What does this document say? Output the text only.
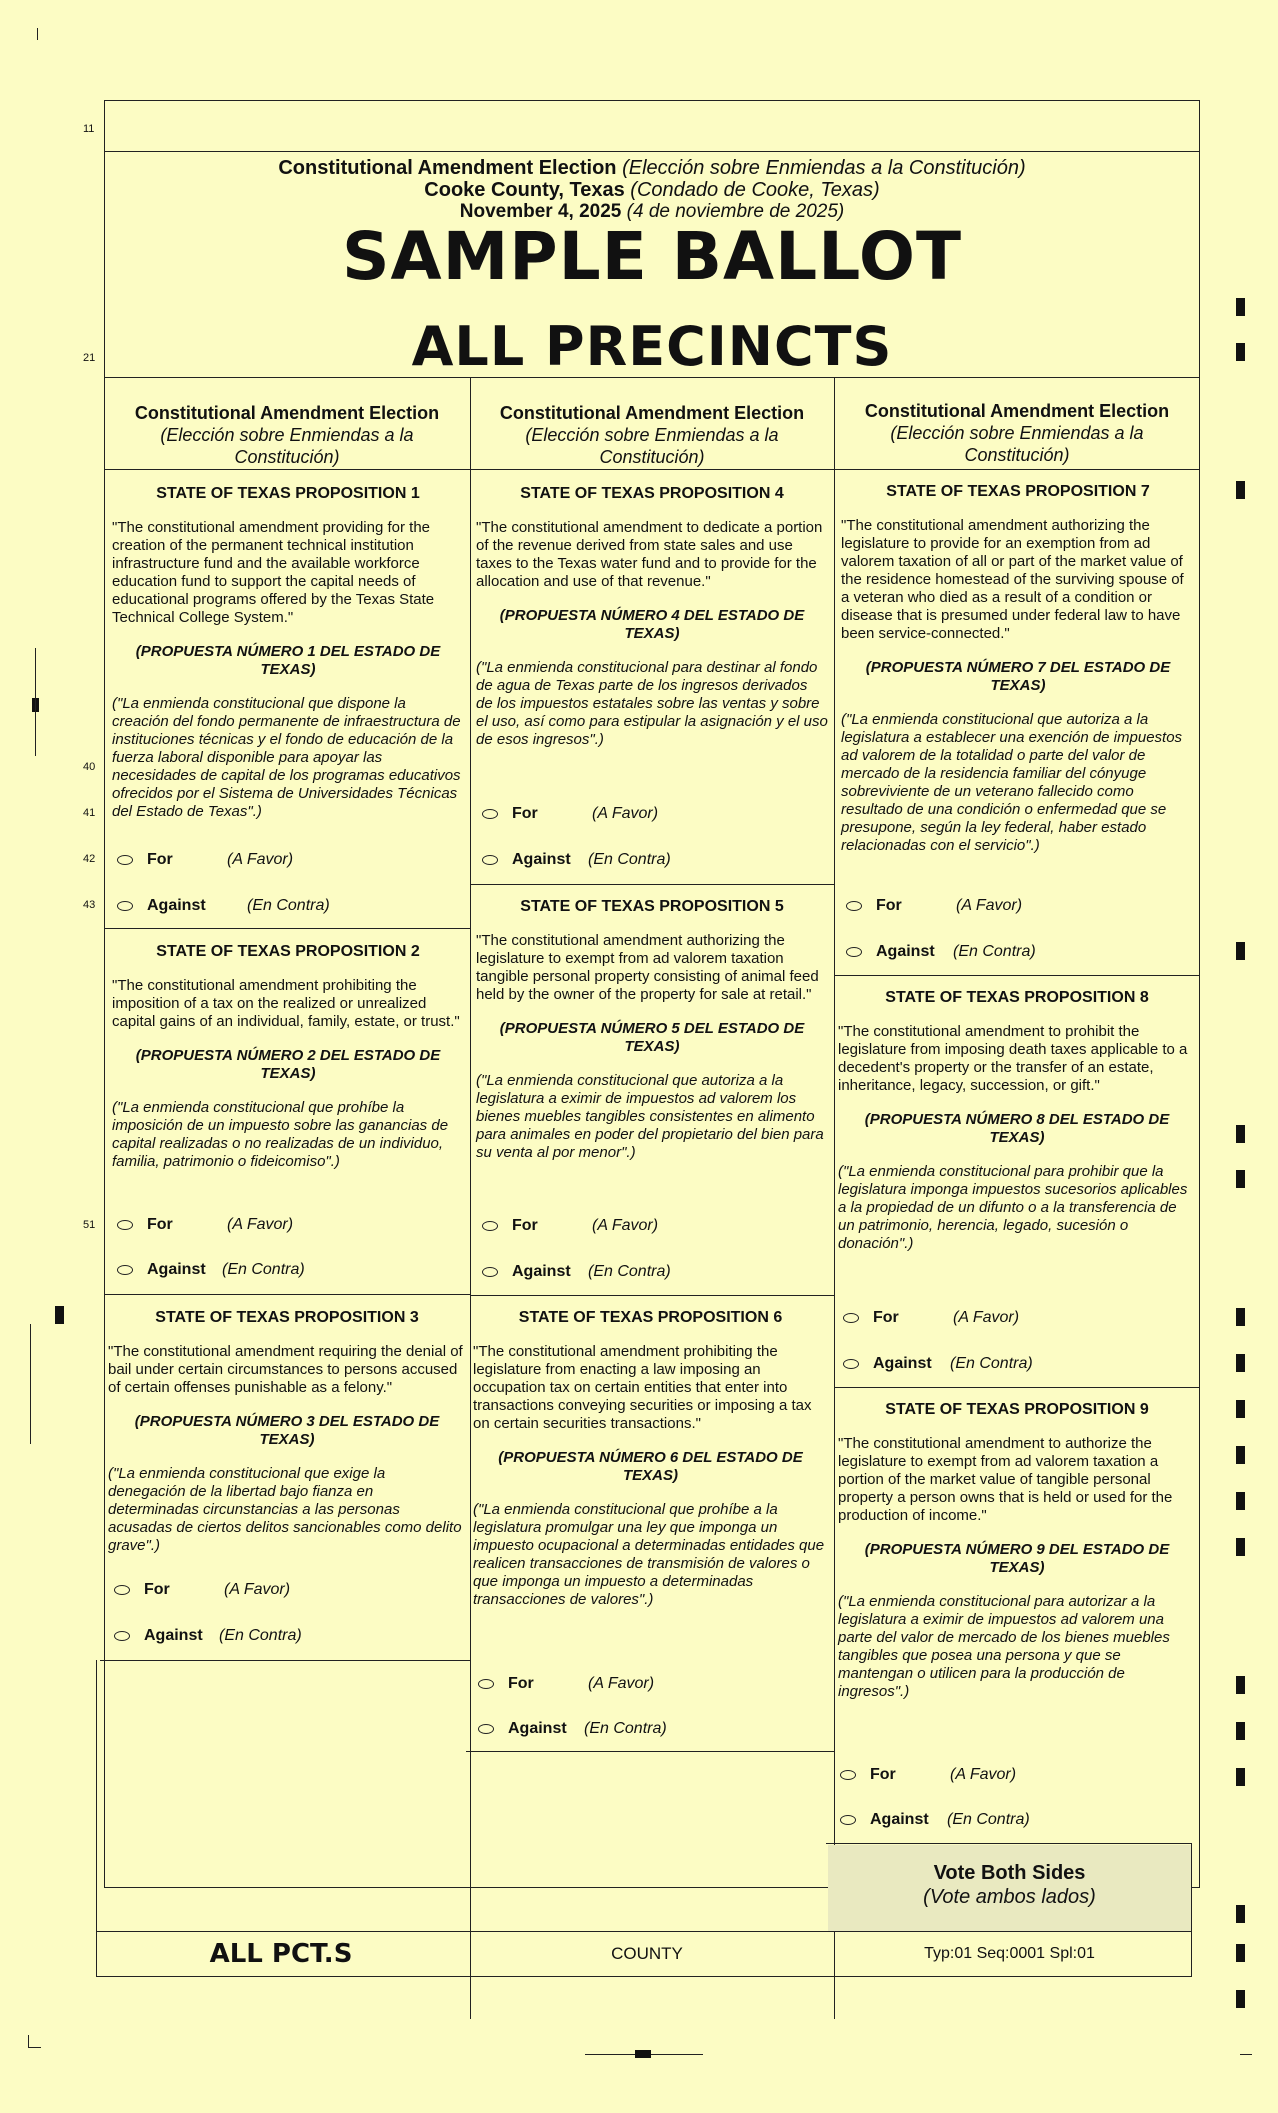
11
21
40
41
42
43
51
Constitutional Amendment Election (Elección sobre Enmiendas a la Constitución)
Cooke County, Texas (Condado de Cooke, Texas)
November 4, 2025 (4 de noviembre de 2025)
SAMPLE BALLOT
ALL PRECINCTS
Constitutional Amendment Election
(Elección sobre Enmiendas a la Constitución)
Constitutional Amendment Election
(Elección sobre Enmiendas a la Constitución)
Constitutional Amendment Election
(Elección sobre Enmiendas a la Constitución)
STATE OF TEXAS PROPOSITION 1
"The constitutional amendment providing for the creation of the permanent technical institution infrastructure fund and the available workforce education fund to support the capital needs of educational programs offered by the Texas State Technical College System."
(PROPUESTA NÚMERO 1 DEL ESTADO DE TEXAS)
("La enmienda constitucional que dispone la creación del fondo permanente de infraestructura de instituciones técnicas y el fondo de educación de la fuerza laboral disponible para apoyar las necesidades de capital de los programas educativos ofrecidos por el Sistema de Universidades Técnicas del Estado de Texas".)
For	(A Favor)
Against	(En Contra)
STATE OF TEXAS PROPOSITION 2
"The constitutional amendment prohibiting the imposition of a tax on the realized or unrealized capital gains of an individual, family, estate, or trust."
(PROPUESTA NÚMERO 2 DEL ESTADO DE TEXAS)
("La enmienda constitucional que prohíbe la imposición de un impuesto sobre las ganancias de capital realizadas o no realizadas de un individuo, familia, patrimonio o fideicomiso".)
For	(A Favor)
Against	(En Contra)
STATE OF TEXAS PROPOSITION 3
"The constitutional amendment requiring the denial of bail under certain circumstances to persons accused of certain offenses punishable as a felony."
(PROPUESTA NÚMERO 3 DEL ESTADO DE TEXAS)
("La enmienda constitucional que exige la denegación de la libertad bajo fianza en determinadas circunstancias a las personas acusadas de ciertos delitos sancionables como delito grave".)
For	(A Favor)
Against	(En Contra)
STATE OF TEXAS PROPOSITION 4
"The constitutional amendment to dedicate a portion of the revenue derived from state sales and use taxes to the Texas water fund and to provide for the allocation and use of that revenue."
(PROPUESTA NÚMERO 4 DEL ESTADO DE TEXAS)
("La enmienda constitucional para destinar al fondo de agua de Texas parte de los ingresos derivados de los impuestos estatales sobre las ventas y sobre el uso, así como para estipular la asignación y el uso de esos ingresos".)
For	(A Favor)
Against	(En Contra)
STATE OF TEXAS PROPOSITION 5
"The constitutional amendment authorizing the legislature to exempt from ad valorem taxation tangible personal property consisting of animal feed held by the owner of the property for sale at retail."
(PROPUESTA NÚMERO 5 DEL ESTADO DE TEXAS)
("La enmienda constitucional que autoriza a la legislatura a eximir de impuestos ad valorem los bienes muebles tangibles consistentes en alimento para animales en poder del propietario del bien para su venta al por menor".)
For	(A Favor)
Against	(En Contra)
STATE OF TEXAS PROPOSITION 6
"The constitutional amendment prohibiting the legislature from enacting a law imposing an occupation tax on certain entities that enter into transactions conveying securities or imposing a tax on certain securities transactions."
(PROPUESTA NÚMERO 6 DEL ESTADO DE TEXAS)
("La enmienda constitucional que prohíbe a la legislatura promulgar una ley que imponga un impuesto ocupacional a determinadas entidades que realicen transacciones de transmisión de valores o que imponga un impuesto a determinadas transacciones de valores".)
For	(A Favor)
Against	(En Contra)
STATE OF TEXAS PROPOSITION 7
"The constitutional amendment authorizing the legislature to provide for an exemption from ad valorem taxation of all or part of the market value of the residence homestead of the surviving spouse of a veteran who died as a result of a condition or disease that is presumed under federal law to have been service-connected."
(PROPUESTA NÚMERO 7 DEL ESTADO DE TEXAS)
("La enmienda constitucional que autoriza a la legislatura a establecer una exención de impuestos ad valorem de la totalidad o parte del valor de mercado de la residencia familiar del cónyuge sobreviviente de un veterano fallecido como resultado de una condición o enfermedad que se presupone, según la ley federal, haber estado relacionadas con el servicio".)
For	(A Favor)
Against	(En Contra)
STATE OF TEXAS PROPOSITION 8
"The constitutional amendment to prohibit the legislature from imposing death taxes applicable to a decedent's property or the transfer of an estate, inheritance, legacy, succession, or gift."
(PROPUESTA NÚMERO 8 DEL ESTADO DE TEXAS)
("La enmienda constitucional para prohibir que la legislatura imponga impuestos sucesorios aplicables a la propiedad de un difunto o a la transferencia de un patrimonio, herencia, legado, sucesión o donación".)
For	(A Favor)
Against	(En Contra)
STATE OF TEXAS PROPOSITION 9
"The constitutional amendment to authorize the legislature to exempt from ad valorem taxation a portion of the market value of tangible personal property a person owns that is held or used for the production of income."
(PROPUESTA NÚMERO 9 DEL ESTADO DE TEXAS)
("La enmienda constitucional para autorizar a la legislatura a eximir de impuestos ad valorem una parte del valor de mercado de los bienes muebles tangibles que posea una persona y que se mantengan o utilicen para la producción de ingresos".)
For	(A Favor)
Against	(En Contra)
Vote Both Sides
(Vote ambos lados)
ALL PCT.S	COUNTY	Typ:01 Seq:0001 Spl:01
